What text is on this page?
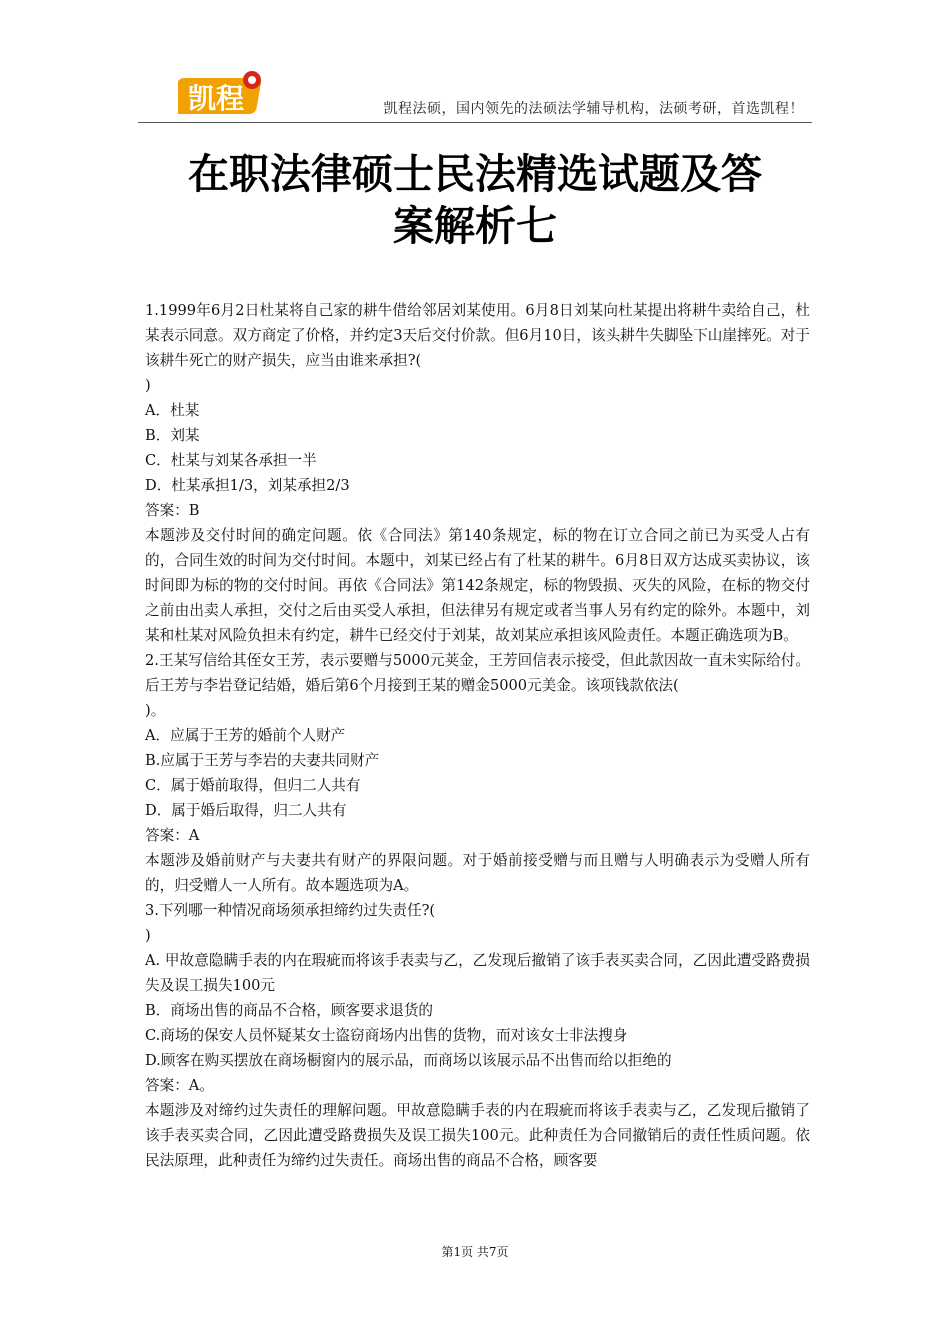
凯程	凯程法硕，国内领先的法硕法学辅导机构，法硕考研，首选凯程！
在职法律硕士民法精选试题及答
案解析七

1.1999年6月2日杜某将自己家的耕牛借给邻居刘某使用。6月8日刘某向杜某提出将耕牛卖给自己，杜某表示同意。双方商定了价格，并约定3天后交付价款。但6月10日，该头耕牛失脚坠下山崖摔死。对于该耕牛死亡的财产损失，应当由谁来承担?(

)

A．杜某

B．刘某

C．杜某与刘某各承担一半

D．杜某承担1/3，刘某承担2/3

答案：B

本题涉及交付时间的确定问题。依《合同法》第140条规定，标的物在订立合同之前已为买受人占有的，合同生效的时间为交付时间。本题中，刘某已经占有了杜某的耕牛。6月8日双方达成买卖协议，该时间即为标的物的交付时间。再依《合同法》第142条规定，标的物毁损、灭失的风险，在标的物交付之前由出卖人承担，交付之后由买受人承担，但法律另有规定或者当事人另有约定的除外。本题中，刘某和杜某对风险负担未有约定，耕牛已经交付于刘某，故刘某应承担该风险责任。本题正确选项为B。

2.王某写信给其侄女王芳，表示要赠与5000元荚金，王芳回信表示接受，但此款因故一直未实际给付。后王芳与李岩登记结婚，婚后第6个月接到王某的赠金5000元美金。该项钱款依法(

)。

A．应属于王芳的婚前个人财产

B.应属于王芳与李岩的夫妻共同财产

C．属于婚前取得，但归二人共有

D．属于婚后取得，归二人共有

答案：A

本题涉及婚前财产与夫妻共有财产的界限问题。对于婚前接受赠与而且赠与人明确表示为受赠人所有的，归受赠人一人所有。故本题选项为A。

3.下列哪一种情况商场须承担缔约过失责任?(

)

A. 甲故意隐瞒手表的内在瑕疵而将该手表卖与乙，乙发现后撤销了该手表买卖合同，乙因此遭受路费损失及误工损失100元

B．商场出售的商品不合格，顾客要求退货的

C.商场的保安人员怀疑某女士盗窃商场内出售的货物，而对该女士非法搜身

D.顾客在购买摆放在商场橱窗内的展示品，而商场以该展示品不出售而给以拒绝的

答案：A。

本题涉及对缔约过失责任的理解问题。甲故意隐瞒手表的内在瑕疵而将该手表卖与乙，乙发现后撤销了该手表买卖合同，乙因此遭受路费损失及误工损失100元。此种责任为合同撤销后的责任性质问题。依民法原理，此种责任为缔约过失责任。商场出售的商品不合格，顾客要

第1页 共7页
